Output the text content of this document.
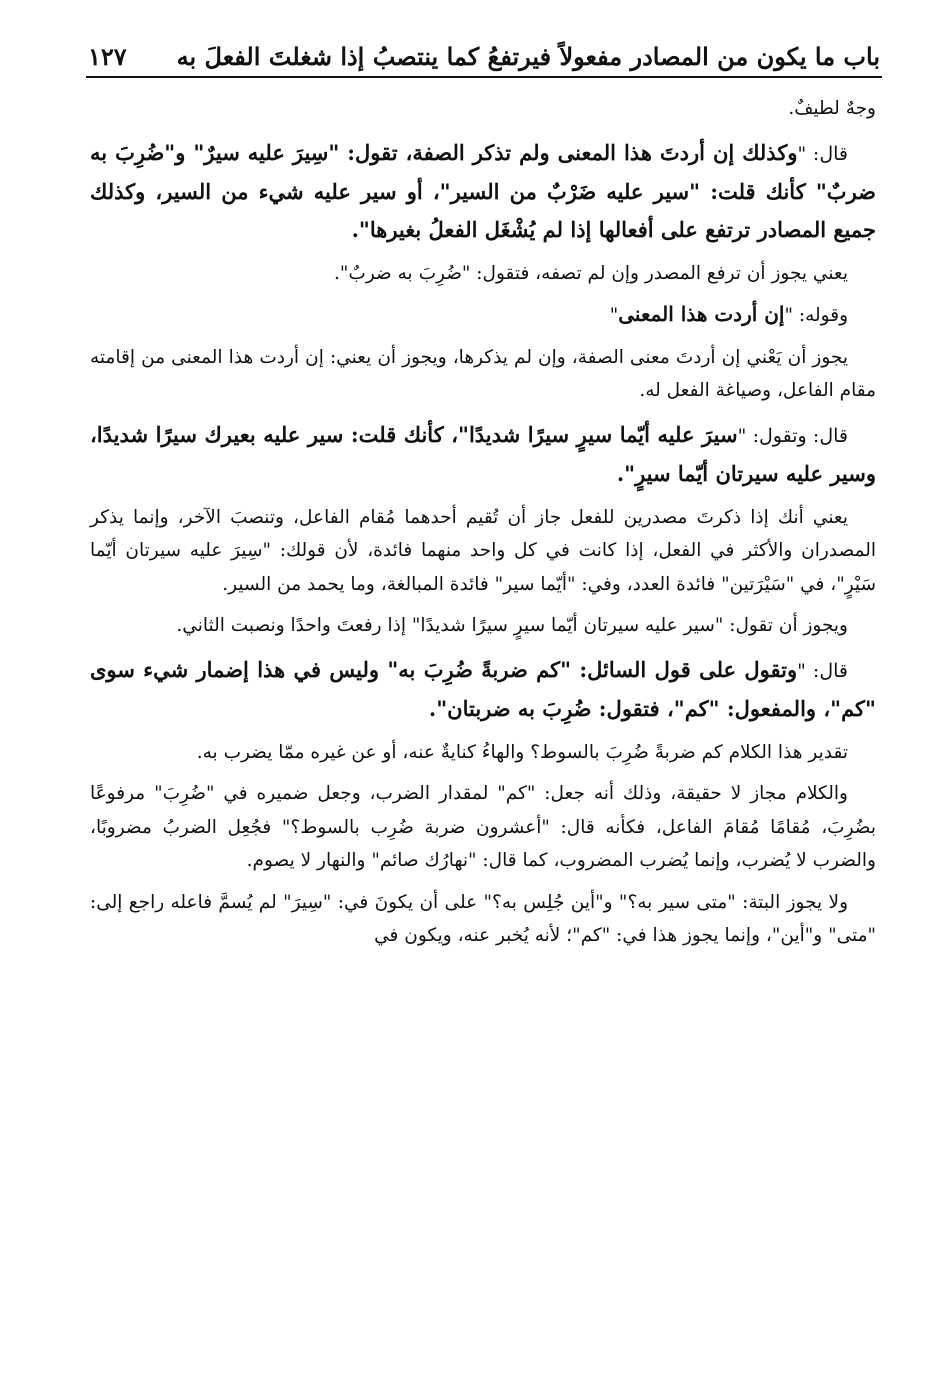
باب ما يكون من المصادر مفعولاً فيرتفعُ كما ينتصبُ إذا شغلتَ الفعلَ به
١٢٧

وجهٌ لطيفٌ.

قال: "وكذلك إن أردتَ هذا المعنى ولم تذكر الصفة، تقول: "سِيرَ عليه سيرٌ" و"ضُرِبَ به ضربٌ" كأنك قلت: "سير عليه ضَرْبٌ من السير"، أو سير عليه شيء من السير، وكذلك جميع المصادر ترتفع على أفعالها إذا لم يُشْغَل الفعلُ بغيرها".

يعني يجوز أن ترفع المصدر وإن لم تصفه، فتقول: "ضُرِبَ به ضربٌ".

وقوله: "إن أردت هذا المعنى"

يجوز أن يَعْني إن أردتَ معنى الصفة، وإن لم يذكرها، ويجوز أن يعني: إن أردت هذا المعنى من إقامته مقام الفاعل، وصياغة الفعل له.

قال: وتقول: "سيرَ عليه أيّما سيرٍ سيرًا شديدًا"، كأنك قلت: سير عليه بعيرك سيرًا شديدًا، وسير عليه سيرتان أيّما سيرٍ".

يعني أنك إذا ذكرتَ مصدرين للفعل جاز أن تُقيم أحدهما مُقام الفاعل، وتنصبَ الآخر، وإنما يذكر المصدران والأكثر في الفعل، إذا كانت في كل واحد منهما فائدة، لأن قولك: "سِيرَ عليه سيرتان أيّما سَيْرٍ"، في "سَيْرَتين" فائدة العدد، وفي: "أيّما سير" فائدة المبالغة، وما يحمد من السير.

ويجوز أن تقول: "سير عليه سيرتان أيّما سيرٍ سيرًا شديدًا" إذا رفعتَ واحدًا ونصبت الثاني.

قال: "وتقول على قول السائل: "كم ضربةً ضُرِبَ به" وليس في هذا إضمار شيء سوى "كم"، والمفعول: "كم"، فتقول: ضُرِبَ به ضربتان".

تقدير هذا الكلام كم ضربةً ضُرِبَ بالسوط؟ والهاءُ كنايةٌ عنه، أو عن غيره ممّا يضرب به.

والكلام مجاز لا حقيقة، وذلك أنه جعل: "كم" لمقدار الضرب، وجعل ضميره في "ضُرِبَ" مرفوعًا بضُرِبَ، مُقامًا مُقامَ الفاعل، فكأنه قال: "أعشرون ضربة ضُرِب بالسوط؟" فجُعِل الضربُ مضروبًا، والضرب لا يُضرب، وإنما يُضرب المضروب، كما قال: "نهارُك صائم" والنهار لا يصوم.

ولا يجوز البتة: "متى سير به؟" و"أين جُلِس به؟" على أن يكونَ في: "سِيرَ" لم يُسمَّ فاعله راجع إلى: "متى" و"أين"، وإنما يجوز هذا في: "كم"؛ لأنه يُخبر عنه، ويكون في
